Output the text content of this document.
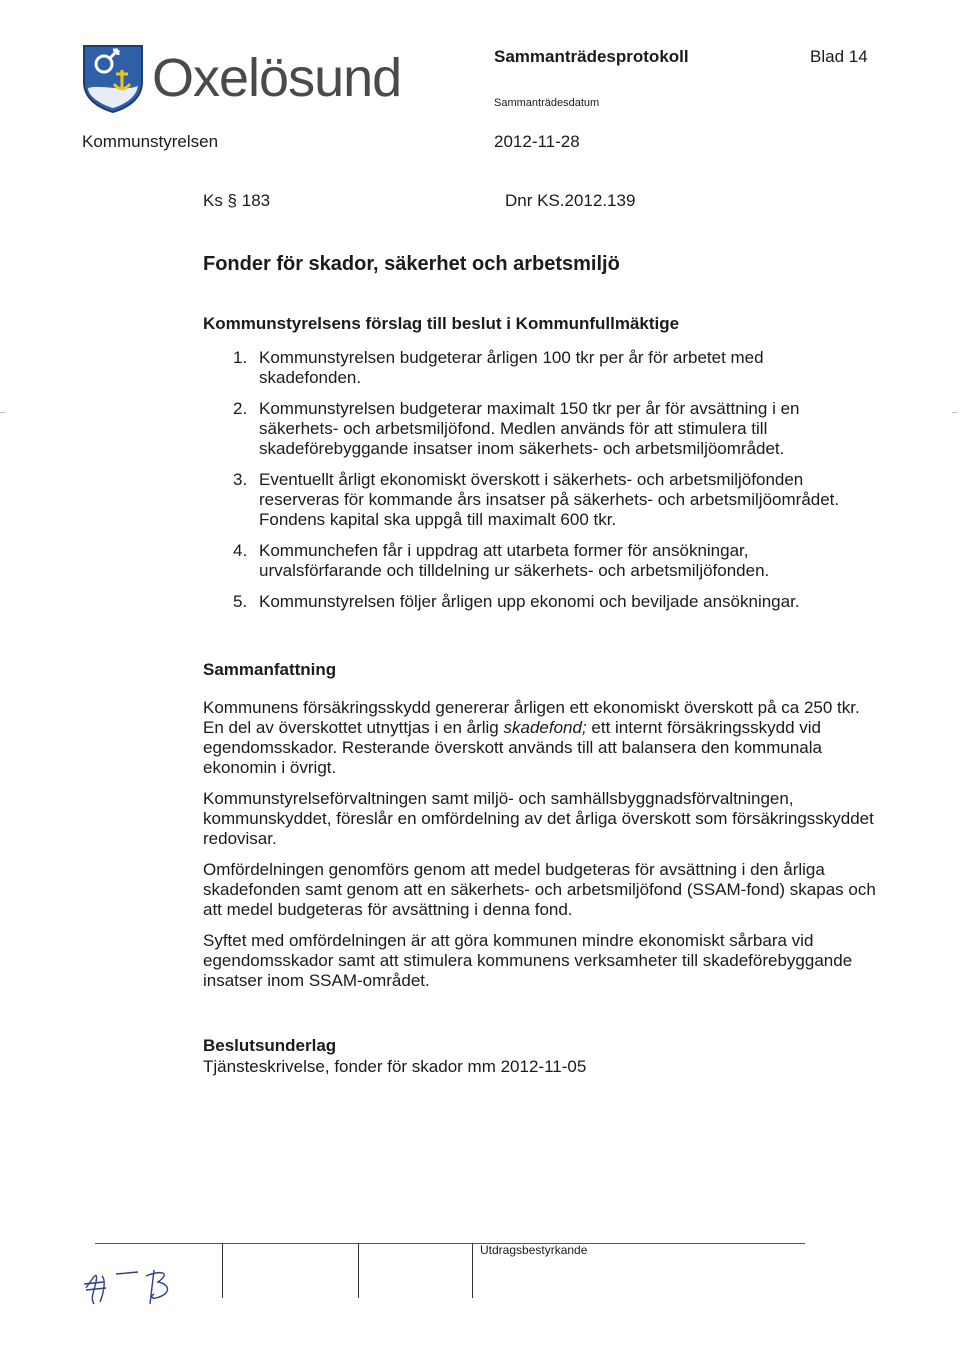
Oxelösund	Sammanträdesprotokoll	Blad 14
Sammanträdesdatum
Kommunstyrelsen	2012-11-28
Ks § 183	Dnr KS.2012.139
Fonder för skador, säkerhet och arbetsmiljö
Kommunstyrelsens förslag till beslut i Kommunfullmäktige
1. Kommunstyrelsen budgeterar årligen 100 tkr per år för arbetet med skadefonden.
2. Kommunstyrelsen budgeterar maximalt 150 tkr per år för avsättning i en säkerhets- och arbetsmiljöfond. Medlen används för att stimulera till skadeförebyggande insatser inom säkerhets- och arbetsmiljöområdet.
3. Eventuellt årligt ekonomiskt överskott i säkerhets- och arbetsmiljöfonden reserveras för kommande års insatser på säkerhets- och arbetsmiljöområdet. Fondens kapital ska uppgå till maximalt 600 tkr.
4. Kommunchefen får i uppdrag att utarbeta former för ansökningar, urvalsförfarande och tilldelning ur säkerhets- och arbetsmiljöfonden.
5. Kommunstyrelsen följer årligen upp ekonomi och beviljade ansökningar.
Sammanfattning

Kommunens försäkringsskydd genererar årligen ett ekonomiskt överskott på ca 250 tkr. En del av överskottet utnyttjas i en årlig skadefond; ett internt försäkringsskydd vid egendomsskador. Resterande överskott används till att balansera den kommunala ekonomin i övrigt.

Kommunstyrelseförvaltningen samt miljö- och samhällsbyggnadsförvaltningen, kommunskyddet, föreslår en omfördelning av det årliga överskott som försäkringsskyddet redovisar.

Omfördelningen genomförs genom att medel budgeteras för avsättning i den årliga skadefonden samt genom att en säkerhets- och arbetsmiljöfond (SSAM-fond) skapas och att medel budgeteras för avsättning i denna fond.

Syftet med omfördelningen är att göra kommunen mindre ekonomiskt sårbara vid egendomsskador samt att stimulera kommunens verksamheter till skadeförebyggande insatser inom SSAM-området.

Beslutsunderlag
Tjänsteskrivelse, fonder för skador mm 2012-11-05
Utdragsbestyrkande
